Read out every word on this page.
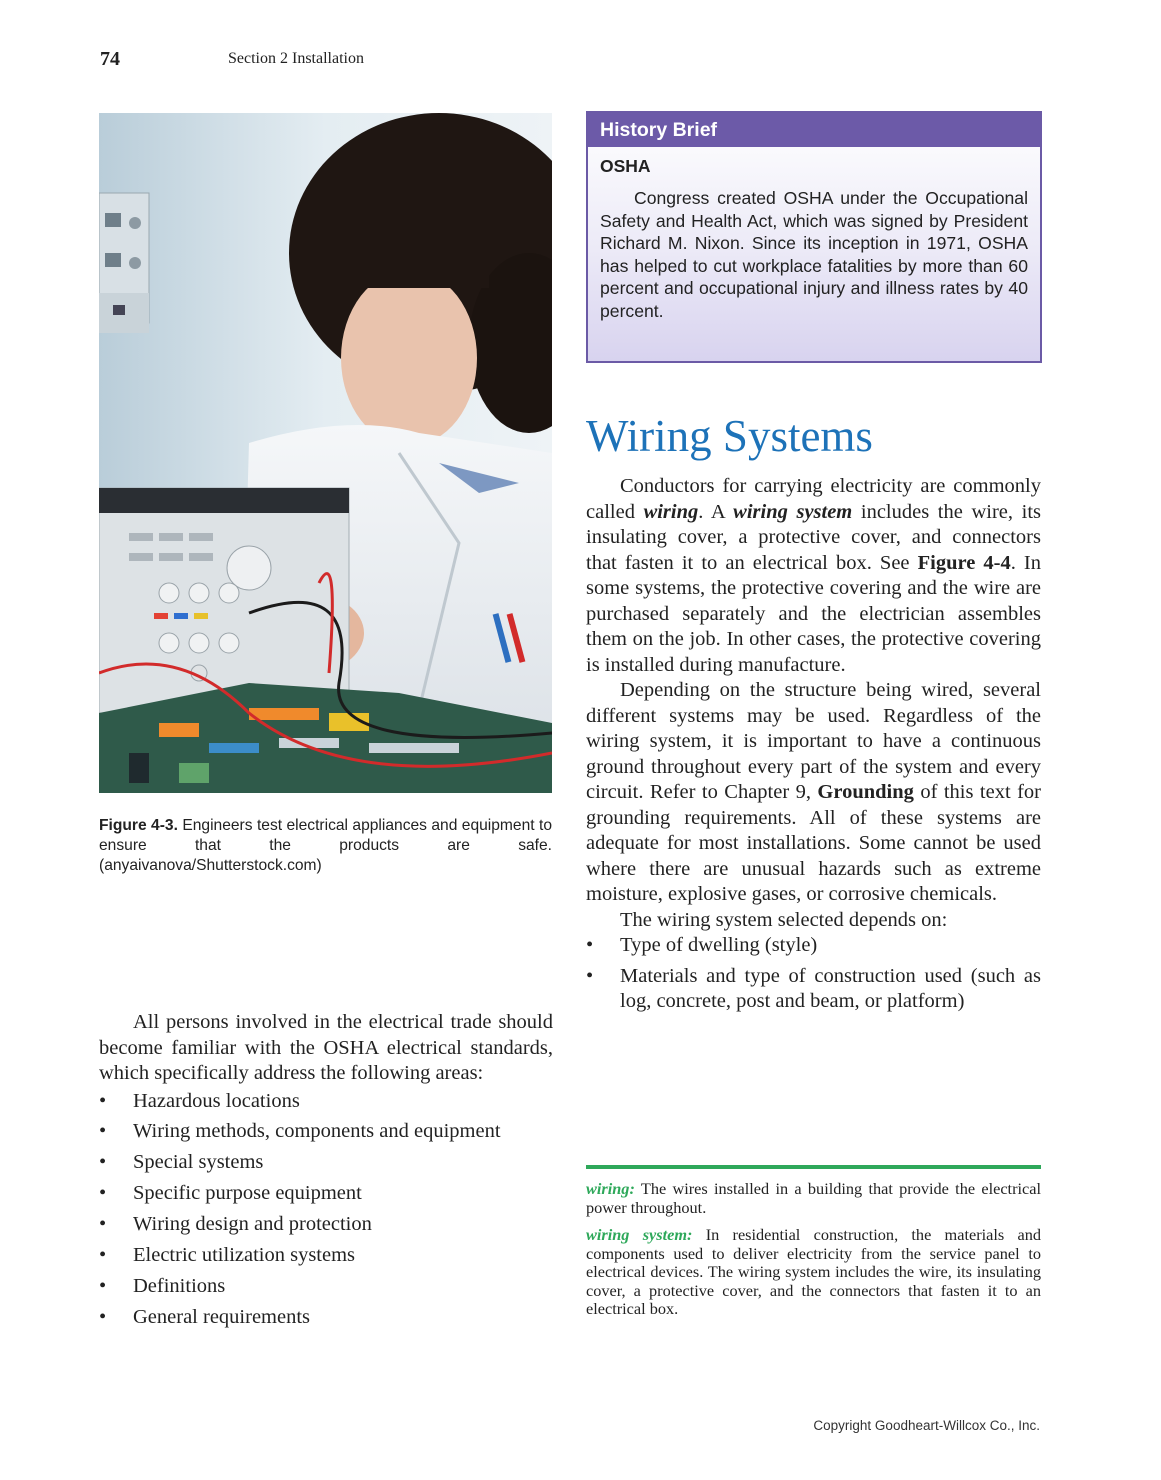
74	Section 2 Installation
Figure 4-3. Engineers test electrical appliances and equipment to ensure that the products are safe. (anyaivanova/Shutterstock.com)

All persons involved in the electrical trade should become familiar with the OSHA electrical standards, which specifically address the following areas:

• Hazardous locations
• Wiring methods, components and equipment
• Special systems
• Specific purpose equipment
• Wiring design and protection
• Electric utilization systems
• Definitions
• General requirements
History Brief
OSHA

Congress created OSHA under the Occupational Safety and Health Act, which was signed by President Richard M. Nixon. Since its inception in 1971, OSHA has helped to cut workplace fatalities by more than 60 percent and occupational injury and illness rates by 40 percent.

Wiring Systems

Conductors for carrying electricity are commonly called wiring. A wiring system includes the wire, its insulating cover, a protective cover, and connectors that fasten it to an electrical box. See Figure 4-4. In some systems, the protective covering and the wire are purchased separately and the electrician assembles them on the job. In other cases, the protective covering is installed during manufacture.

Depending on the structure being wired, several different systems may be used. Regardless of the wiring system, it is important to have a continuous ground throughout every part of the system and every circuit. Refer to Chapter 9, Grounding of this text for grounding requirements. All of these systems are adequate for most installations. Some cannot be used where there are unusual hazards such as extreme moisture, explosive gases, or corrosive chemicals.

The wiring system selected depends on:

• Type of dwelling (style)
• Materials and type of construction used (such as log, concrete, post and beam, or platform)

wiring: The wires installed in a building that provide the electrical power throughout.

wiring system: In residential construction, the materials and components used to deliver electricity from the service panel to electrical devices. The wiring system includes the wire, its insulating cover, a protective cover, and the connectors that fasten it to an electrical box.

Copyright Goodheart-Willcox Co., Inc.
